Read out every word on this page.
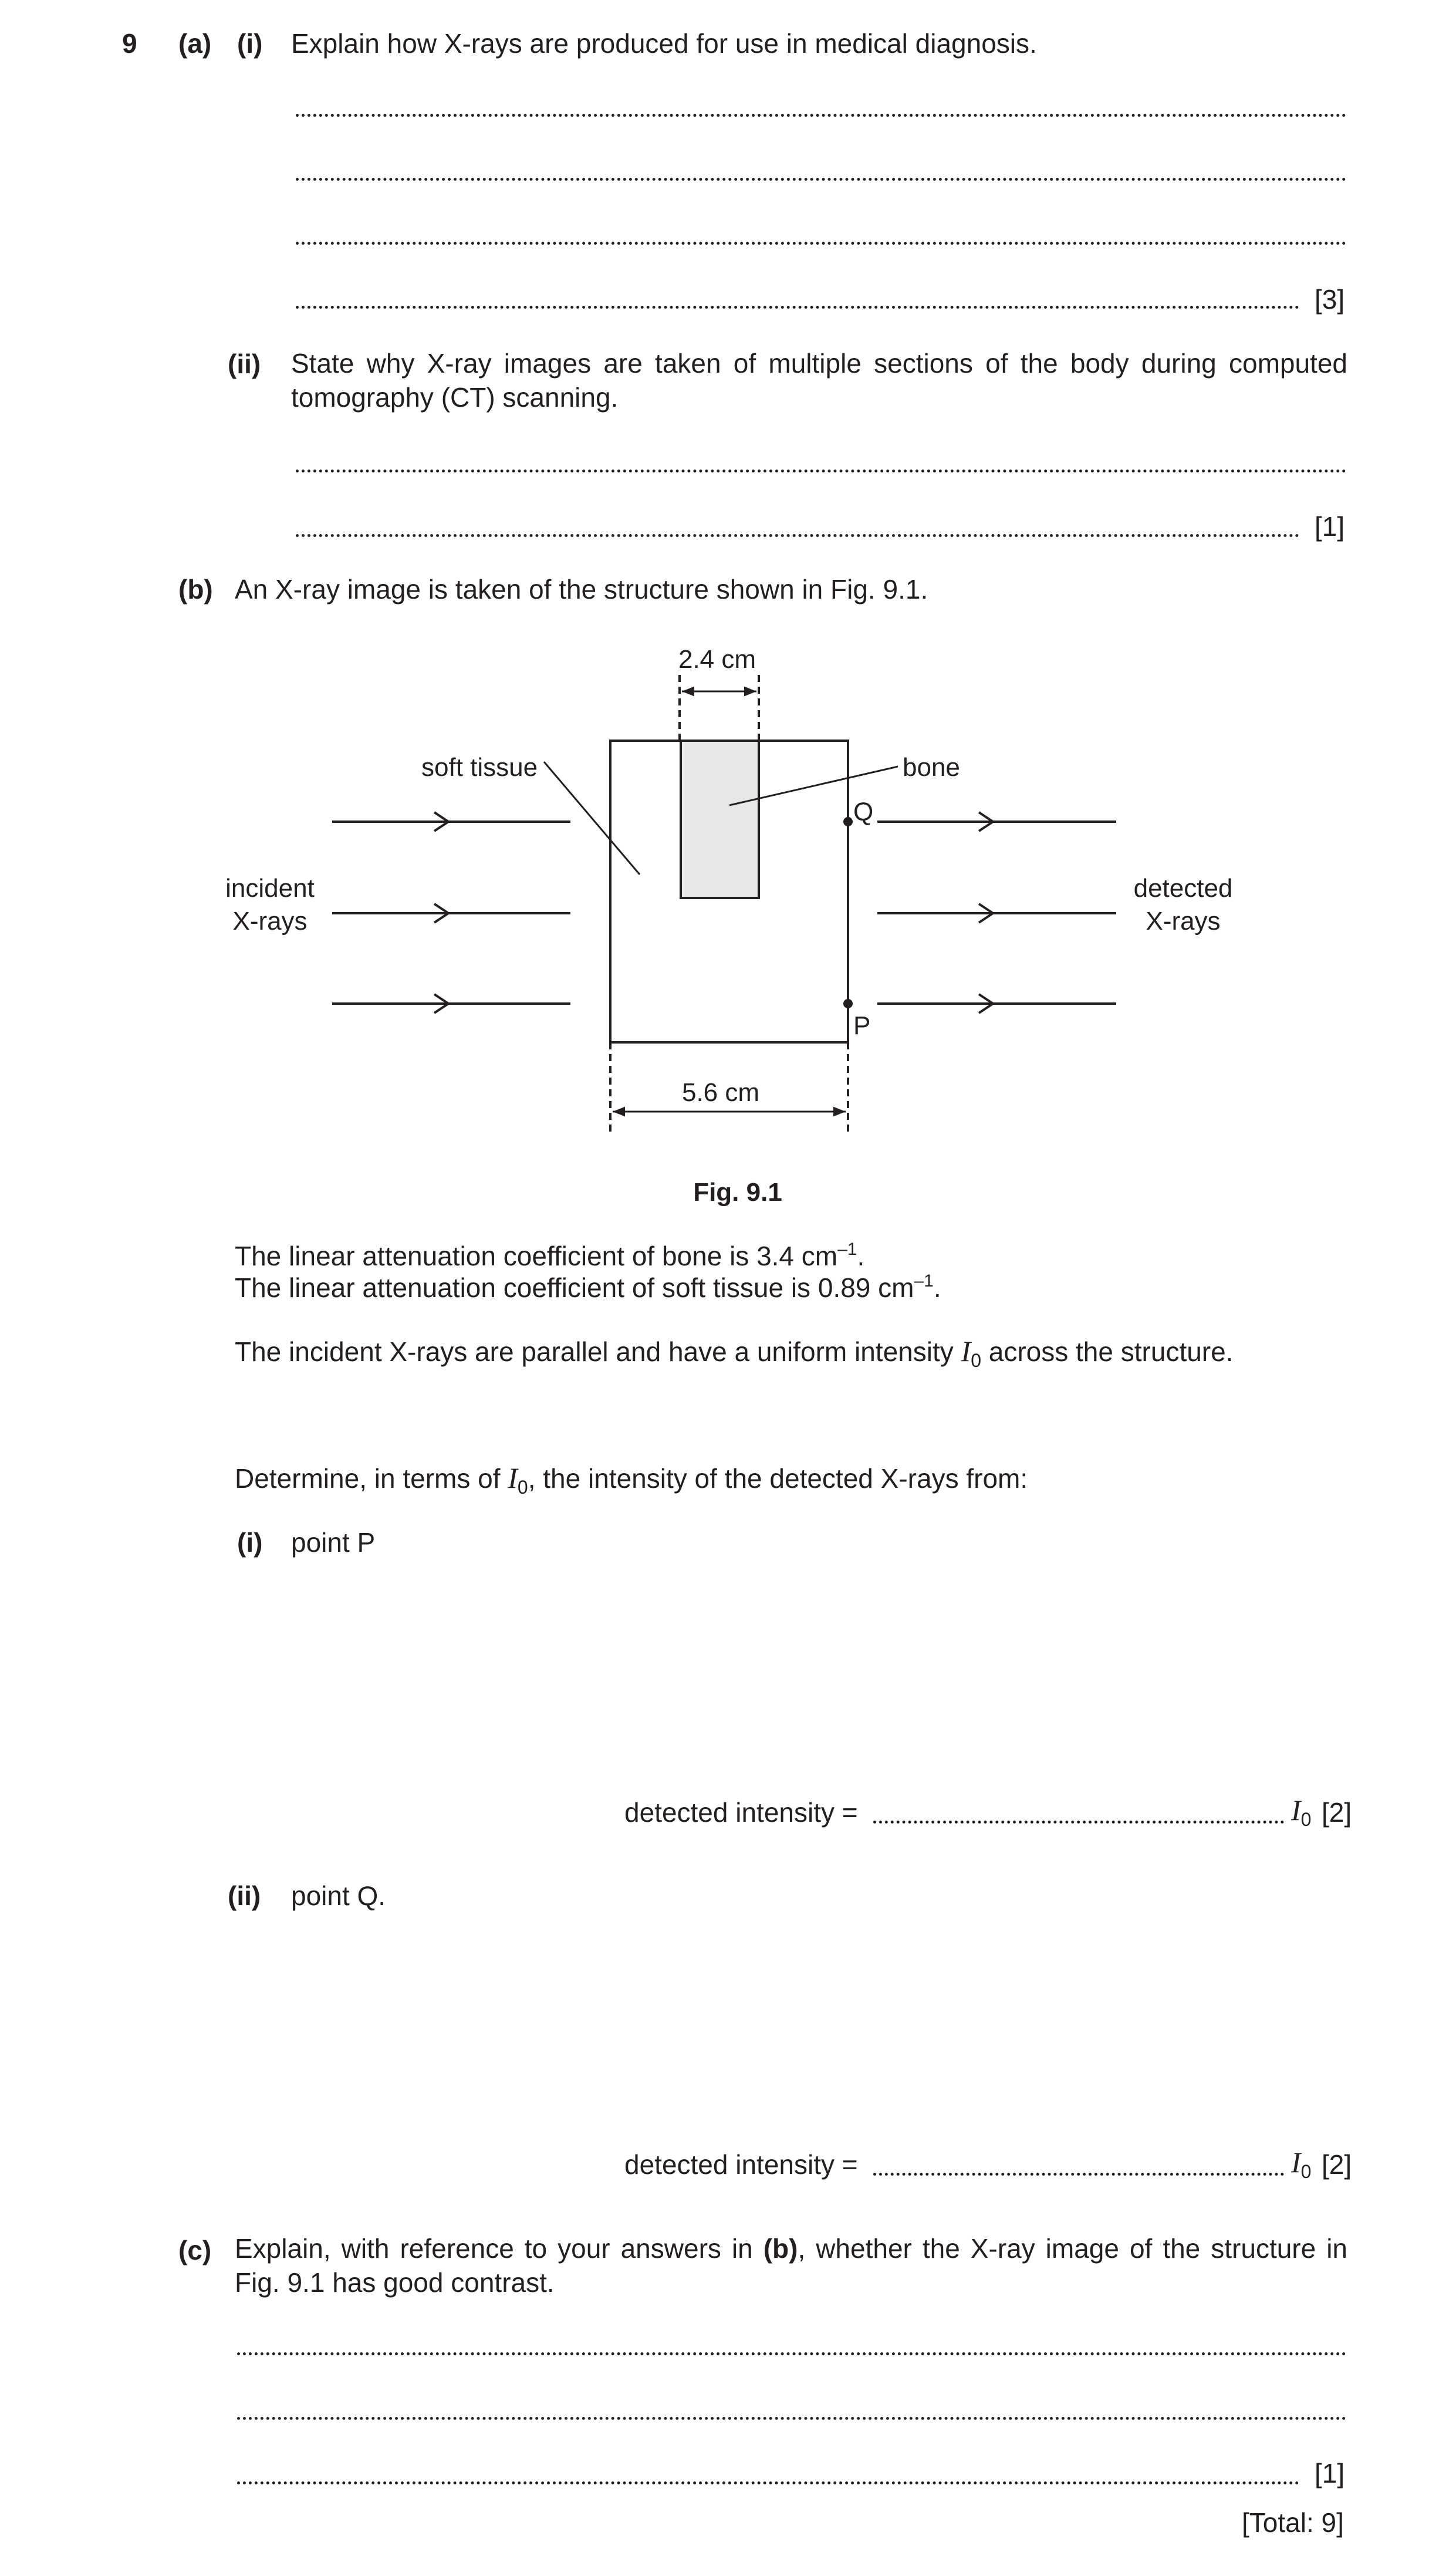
9 (a) (i) Explain how X-rays are produced for use in medical diagnosis.
[3]
(ii) State why X-ray images are taken of multiple sections of the body during computed tomography (CT) scanning.
[1]
(b) An X-ray image is taken of the structure shown in Fig. 9.1.
2.4 cm
soft tissue	bone
incident
X-rays
detected
X-rays
Q
P
5.6 cm
Fig. 9.1
The linear attenuation coefficient of bone is 3.4 $cm^{-1}$.
The linear attenuation coefficient of soft tissue is 0.89 $cm^{-1}$.
The incident X-rays are parallel and have a uniform intensity $I_0$ across the structure.
Determine, in terms of $I_0$, the intensity of the detected X-rays from:
(i) point P
detected intensity =	$I_0$ [2]
(ii) point Q.
detected intensity =	$I_0$ [2]
(c) Explain, with reference to your answers in (b), whether the X-ray image of the structure in Fig. 9.1 has good contrast.
[1]
[Total: 9]
